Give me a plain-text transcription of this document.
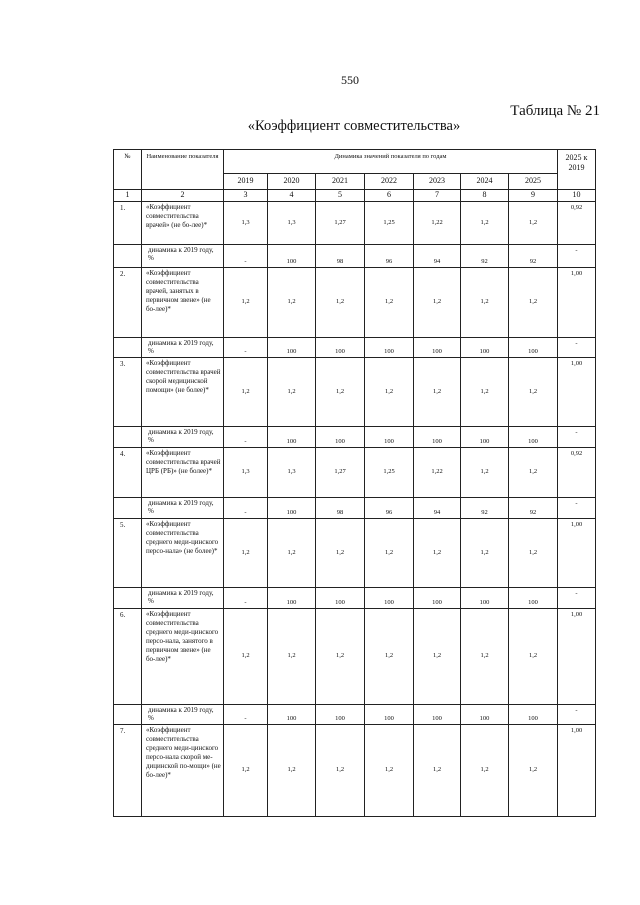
550
Таблица № 21
«Коэффициент совместительства»
№	Наименование показателя	Динамика значений показателя по годам							2025 к 2019
		2019	2020	2021	2022	2023	2024	2025	
1	2	3	4	5	6	7	8	9	10
1.	«Коэффициент совместительства врачей» (не бо-лее)*	1,3	1,3	1,27	1,25	1,22	1,2	1,2	0,92
	динамика к 2019 году, %	-	100	98	96	94	92	92	-
2.	«Коэффициент совместительства врачей, занятых в первичном звене» (не бо-лее)*	1,2	1,2	1,2	1,2	1,2	1,2	1,2	1,00
	динамика к 2019 году, %	-	100	100	100	100	100	100	-
3.	«Коэффициент совместительства врачей скорой медицинской помощи» (не более)*	1,2	1,2	1,2	1,2	1,2	1,2	1,2	1,00
	динамика к 2019 году, %	-	100	100	100	100	100	100	-
4.	«Коэффициент совместительства врачей ЦРБ (РБ)» (не более)*	1,3	1,3	1,27	1,25	1,22	1,2	1,2	0,92
	динамика к 2019 году, %	-	100	98	96	94	92	92	-
5.	«Коэффициент совместительства среднего меди-цинского персо-нала» (не более)*	1,2	1,2	1,2	1,2	1,2	1,2	1,2	1,00
	динамика к 2019 году, %	-	100	100	100	100	100	100	-
6.	«Коэффициент совместительства среднего меди-цинского персо-нала, занятого в первичном звене» (не бо-лее)*	1,2	1,2	1,2	1,2	1,2	1,2	1,2	1,00
	динамика к 2019 году, %	-	100	100	100	100	100	100	-
7.	«Коэффициент совместительства среднего меди-цинского персо-нала скорой ме-дицинской по-мощи» (не бо-лее)*	1,2	1,2	1,2	1,2	1,2	1,2	1,2	1,00
